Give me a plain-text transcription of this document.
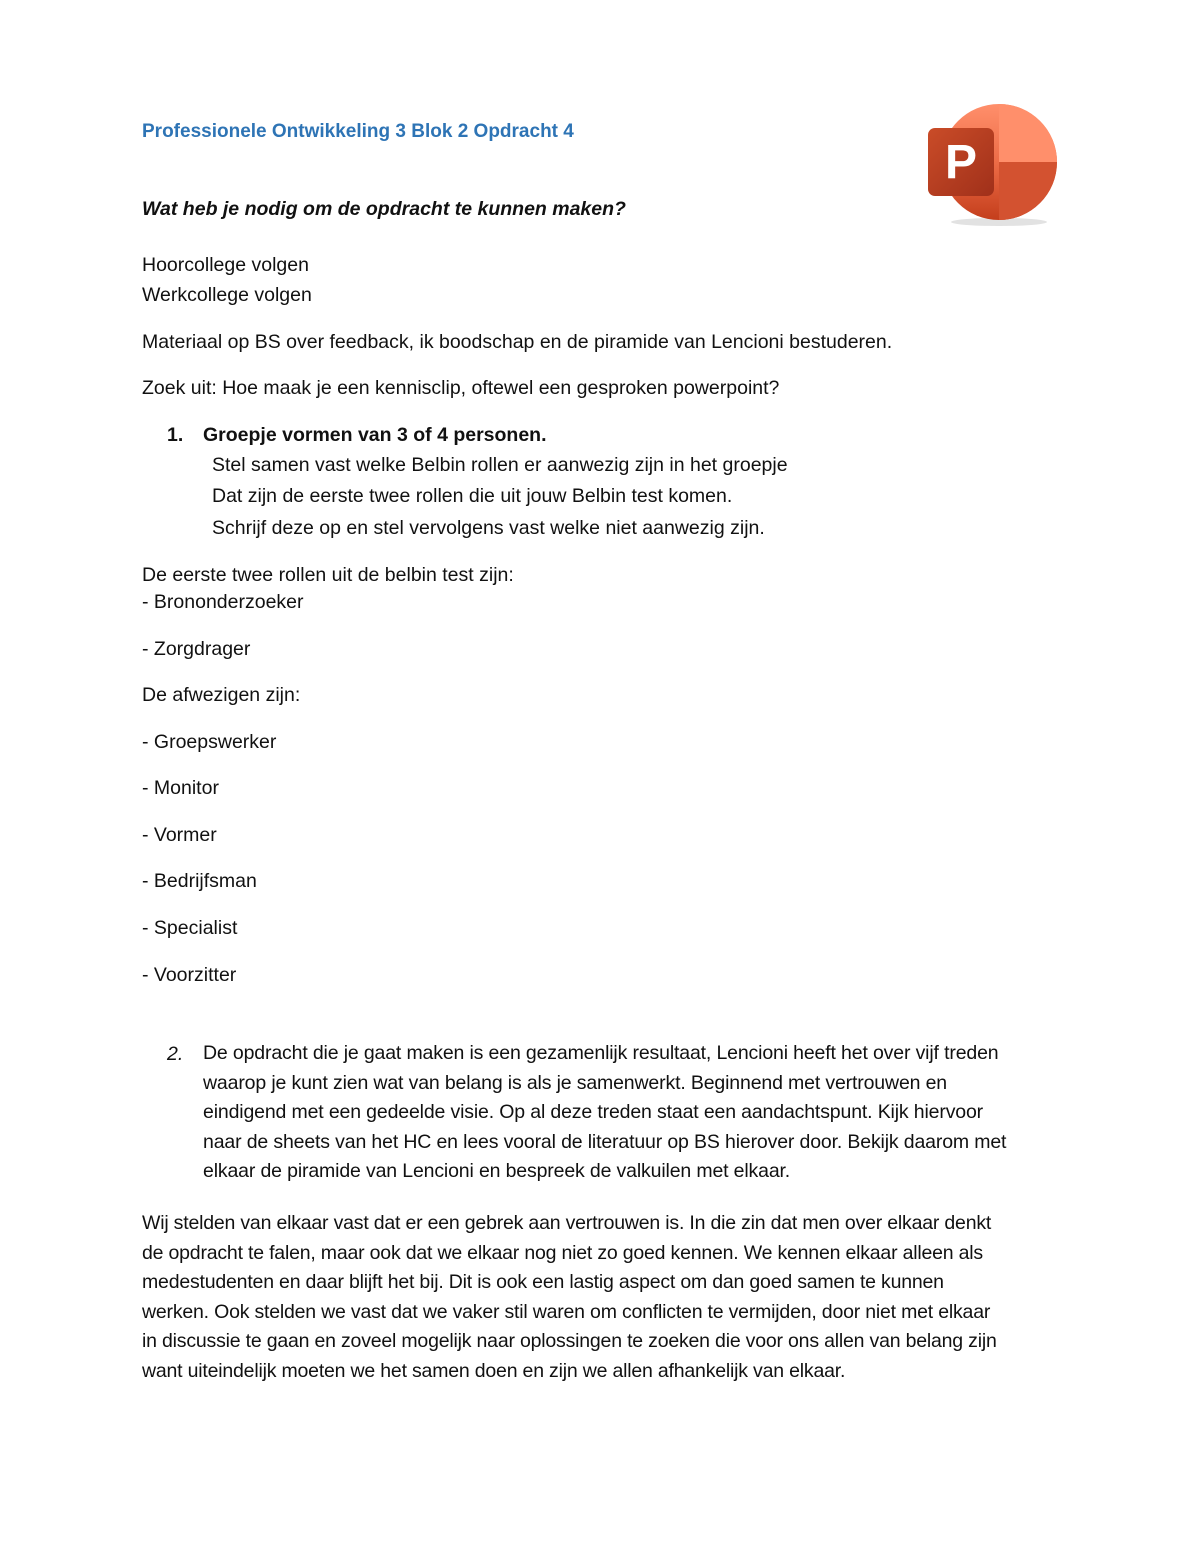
Professionele Ontwikkeling 3 Blok 2 Opdracht 4
P
Wat heb je nodig om de opdracht te kunnen maken?
Hoorcollege volgen
Werkcollege volgen
Materiaal op BS over feedback, ik boodschap en de piramide van Lencioni bestuderen.
Zoek uit: Hoe maak je een kennisclip, oftewel een gesproken powerpoint?
1. Groepje vormen van 3 of 4 personen.
Stel samen vast welke Belbin rollen er aanwezig zijn in het groepje
Dat zijn de eerste twee rollen die uit jouw Belbin test komen.
Schrijf deze op en stel vervolgens vast welke niet aanwezig zijn.
De eerste twee rollen uit de belbin test zijn:
- Brononderzoeker
- Zorgdrager
De afwezigen zijn:
- Groepswerker
- Monitor
- Vormer
- Bedrijfsman
- Specialist
- Voorzitter
2. De opdracht die je gaat maken is een gezamenlijk resultaat, Lencioni heeft het over vijf treden
waarop je kunt zien wat van belang is als je samenwerkt. Beginnend met vertrouwen en
eindigend met een gedeelde visie. Op al deze treden staat een aandachtspunt. Kijk hiervoor
naar de sheets van het HC en lees vooral de literatuur op BS hierover door. Bekijk daarom met
elkaar de piramide van Lencioni en bespreek de valkuilen met elkaar.
Wij stelden van elkaar vast dat er een gebrek aan vertrouwen is. In die zin dat men over elkaar denkt
de opdracht te falen, maar ook dat we elkaar nog niet zo goed kennen. We kennen elkaar alleen als
medestudenten en daar blijft het bij. Dit is ook een lastig aspect om dan goed samen te kunnen
werken. Ook stelden we vast dat we vaker stil waren om conflicten te vermijden, door niet met elkaar
in discussie te gaan en zoveel mogelijk naar oplossingen te zoeken die voor ons allen van belang zijn
want uiteindelijk moeten we het samen doen en zijn we allen afhankelijk van elkaar.
